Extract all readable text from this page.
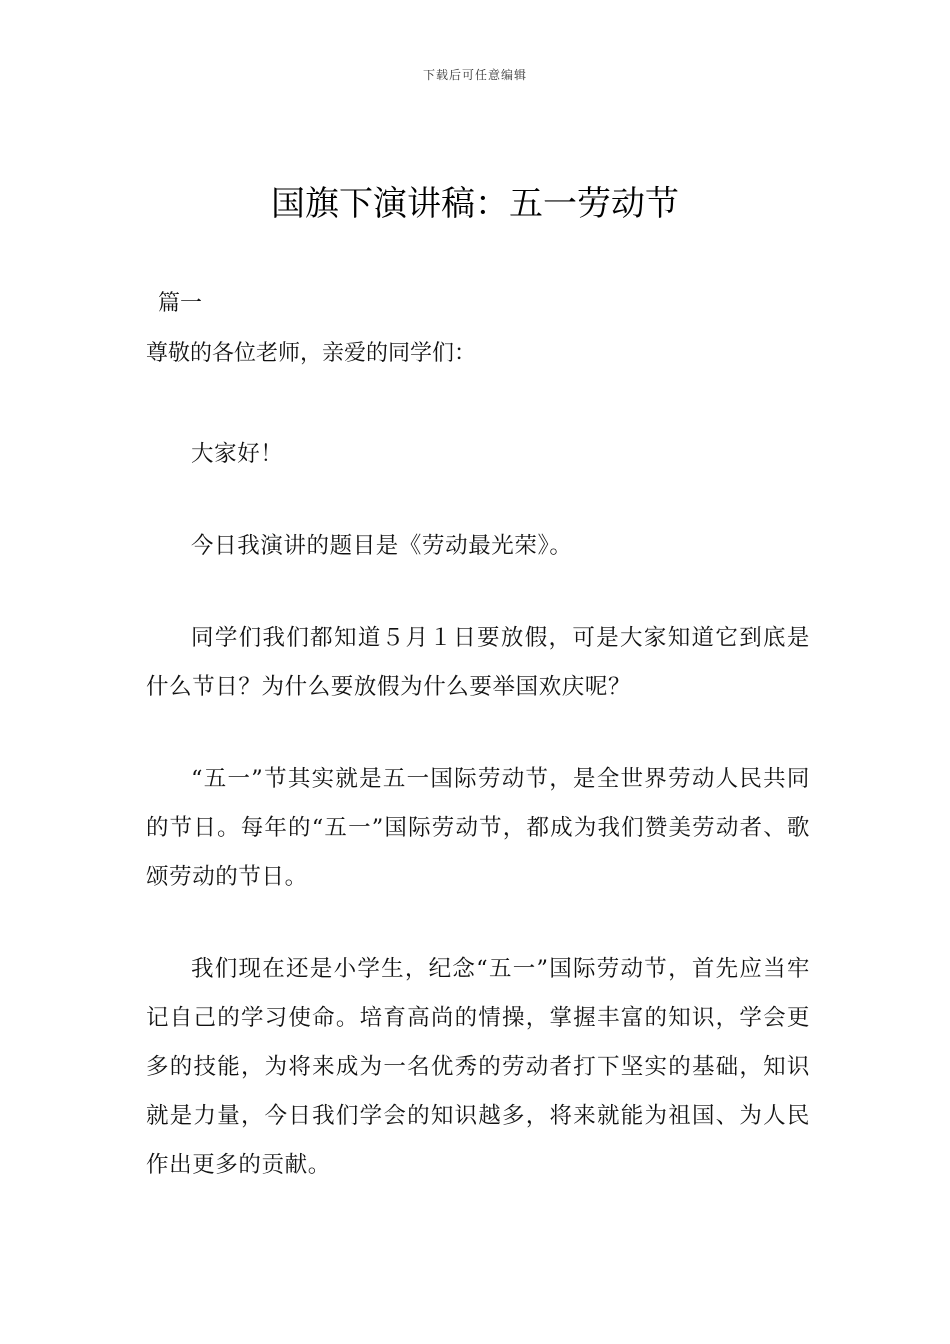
下载后可任意编辑
国旗下演讲稿：五一劳动节
篇一
尊敬的各位老师，亲爱的同学们：

大家好！

今日我演讲的题目是《劳动最光荣》。

同学们我们都知道５月１日要放假，可是大家知道它到底是什么节日？为什么要放假为什么要举国欢庆呢？

“五一”节其实就是五一国际劳动节，是全世界劳动人民共同的节日。每年的“五一”国际劳动节，都成为我们赞美劳动者、歌颂劳动的节日。

我们现在还是小学生，纪念“五一”国际劳动节，首先应当牢记自己的学习使命。培育高尚的情操，掌握丰富的知识，学会更多的技能，为将来成为一名优秀的劳动者打下坚实的基础，知识就是力量，今日我们学会的知识越多，将来就能为祖国、为人民作出更多的贡献。
